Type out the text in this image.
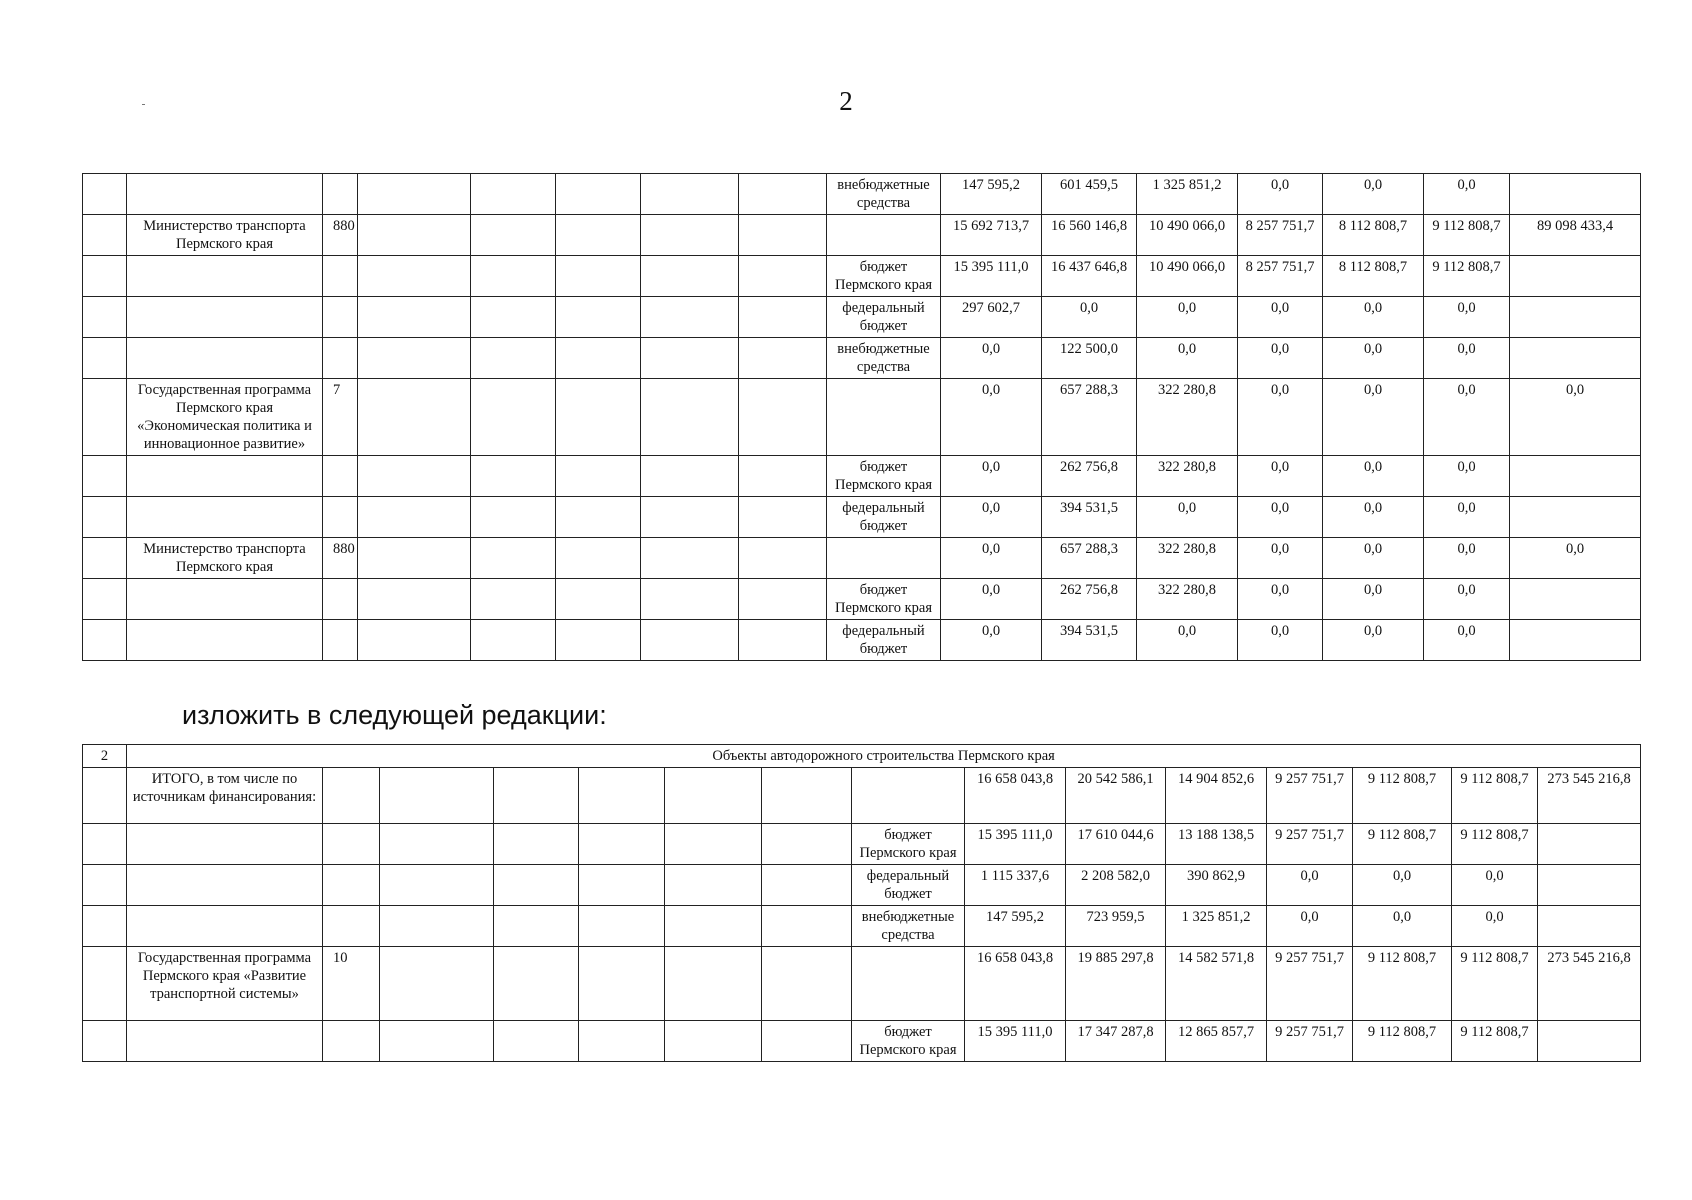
2
								внебюджетные средства	147 595,2	601 459,5	1 325 851,2	0,0	0,0	0,0	
	Министерство транспорта Пермского края	880							15 692 713,7	16 560 146,8	10 490 066,0	8 257 751,7	8 112 808,7	9 112 808,7	89 098 433,4
								бюджет Пермского края	15 395 111,0	16 437 646,8	10 490 066,0	8 257 751,7	8 112 808,7	9 112 808,7	
								федеральный бюджет	297 602,7	0,0	0,0	0,0	0,0	0,0	
								внебюджетные средства	0,0	122 500,0	0,0	0,0	0,0	0,0	
	Государственная программа Пермского края «Экономическая политика и инновационное развитие»	7							0,0	657 288,3	322 280,8	0,0	0,0	0,0	0,0
								бюджет Пермского края	0,0	262 756,8	322 280,8	0,0	0,0	0,0	
								федеральный бюджет	0,0	394 531,5	0,0	0,0	0,0	0,0	
	Министерство транспорта Пермского края	880							0,0	657 288,3	322 280,8	0,0	0,0	0,0	0,0
								бюджет Пермского края	0,0	262 756,8	322 280,8	0,0	0,0	0,0	
								федеральный бюджет	0,0	394 531,5	0,0	0,0	0,0	0,0	
изложить в следующей редакции:
2	Объекты автодорожного строительства Пермского края														
	ИТОГО, в том числе по источникам финансирования:								16 658 043,8	20 542 586,1	14 904 852,6	9 257 751,7	9 112 808,7	9 112 808,7	273 545 216,8
								бюджет Пермского края	15 395 111,0	17 610 044,6	13 188 138,5	9 257 751,7	9 112 808,7	9 112 808,7	
								федеральный бюджет	1 115 337,6	2 208 582,0	390 862,9	0,0	0,0	0,0	
								внебюджетные средства	147 595,2	723 959,5	1 325 851,2	0,0	0,0	0,0	
	Государственная программа Пермского края «Развитие транспортной системы»	10							16 658 043,8	19 885 297,8	14 582 571,8	9 257 751,7	9 112 808,7	9 112 808,7	273 545 216,8
								бюджет Пермского края	15 395 111,0	17 347 287,8	12 865 857,7	9 257 751,7	9 112 808,7	9 112 808,7	
